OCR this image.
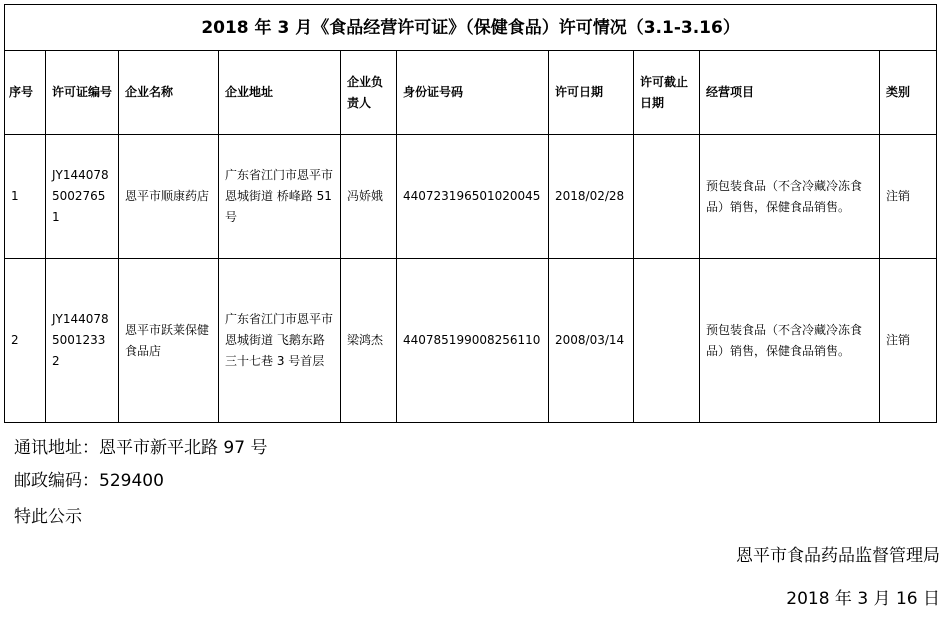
2018 年 3 月《食品经营许可证》（保健食品）许可情况（3.1-3.16）									
序号	许可证编号	企业名称	企业地址	企业负责人	身份证号码	许可日期	许可截止日期	经营项目	类别
1	JY14407850027651	恩平市顺康药店	广东省江门市恩平市恩城街道 桥峰路 51 号	冯娇娥	440723196501020045	2018/02/28		预包装食品（不含冷藏冷冻食品）销售，保健食品销售。	注销
2	JY14407850012332	恩平市跃莱保健食品店	广东省江门市恩平市恩城街道 飞鹅东路三十七巷 3 号首层	梁鸿杰	440785199008256110	2008/03/14		预包装食品（不含冷藏冷冻食品）销售，保健食品销售。	注销
通讯地址：恩平市新平北路 97 号
邮政编码：529400
特此公示
恩平市食品药品监督管理局
2018 年 3 月 16 日
